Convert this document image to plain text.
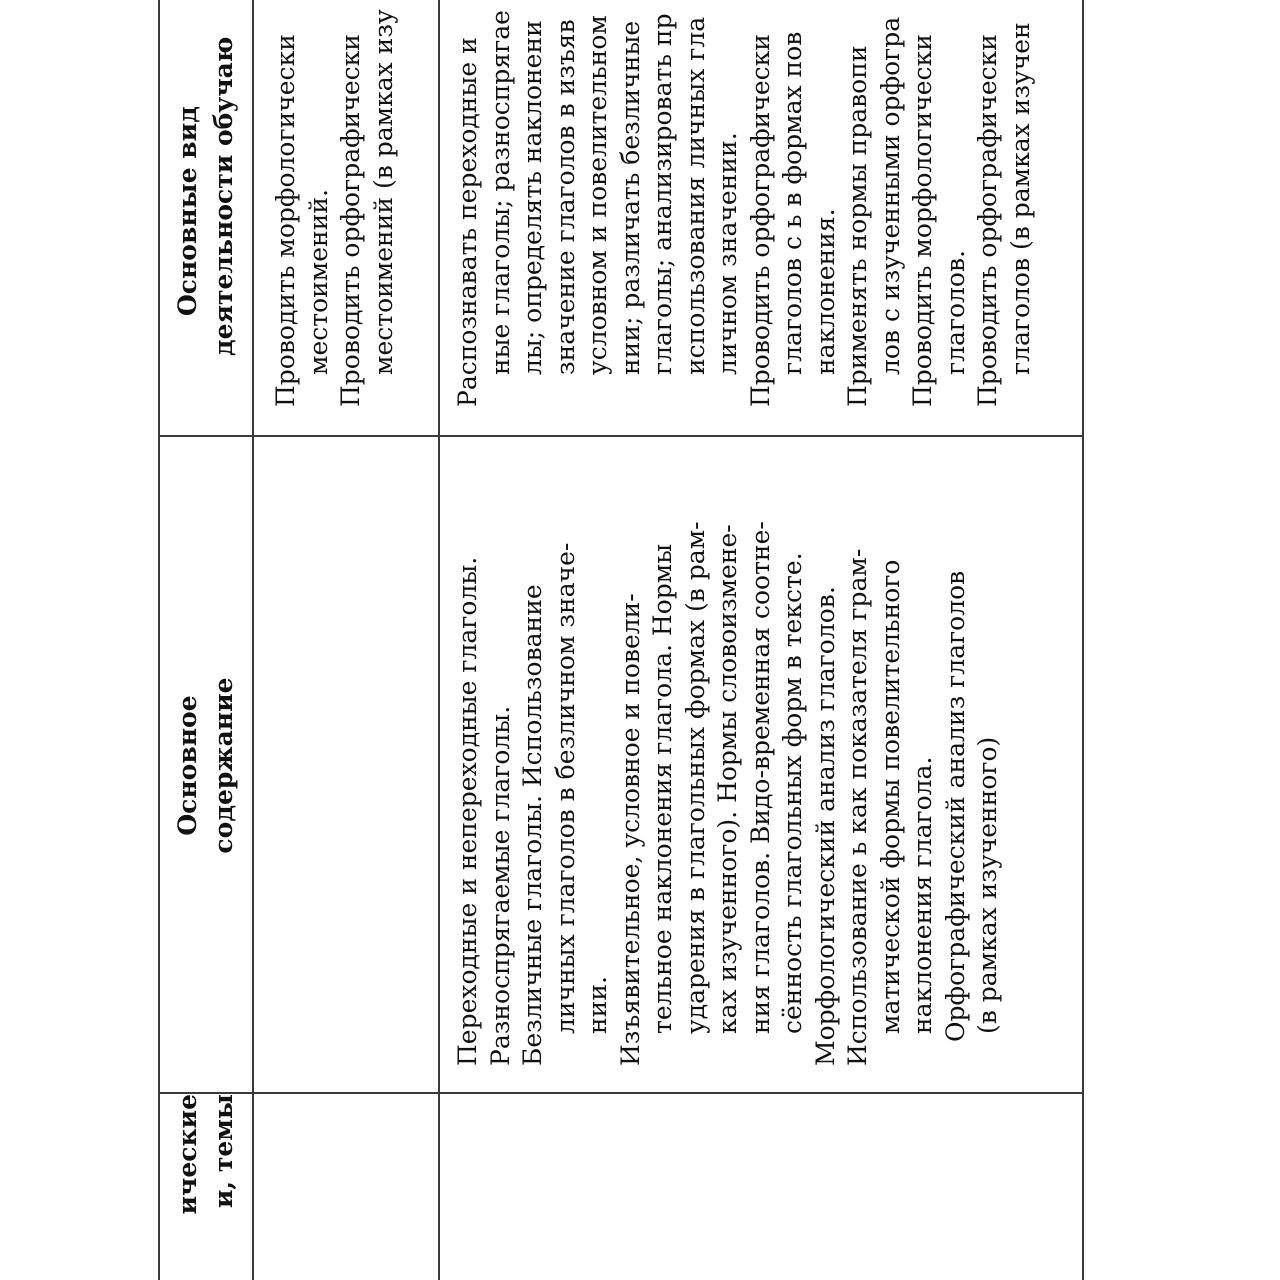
ические и, темы
Основное содержание
Основные вид деятельности обучаю Проводить морфологически местоимений. Проводить орфографически местоимений (в рамках изу
Переходные и непереходные глаголы. Разноспрягаемые глаголы. Безличные глаголы. Использование личных глаголов в безличном значе- нии. Изъявительное, условное и повели- тельное наклонения глагола. Нормы ударения в глагольных формах (в рам- ках изученного). Нормы словоизмене- ния глаголов. Видо-временная соотне- сённость глагольных форм в тексте. Морфологический анализ глаголов. Использование ь как показателя грам- матической формы повелительного наклонения глагола. Орфографический анализ глаголов (в рамках изученного)
Распознавать переходные и ные глаголы; разноспрягае лы; определять наклонени значение глаголов в изъяв условном и повелительном нии; различать безличные глаголы; анализировать пр использования личных гла личном значении. Проводить орфографически глаголов с ь в формах пов наклонения. Применять нормы правопи лов с изученными орфогра Проводить морфологически глаголов. Проводить орфографически глаголов (в рамках изучен
